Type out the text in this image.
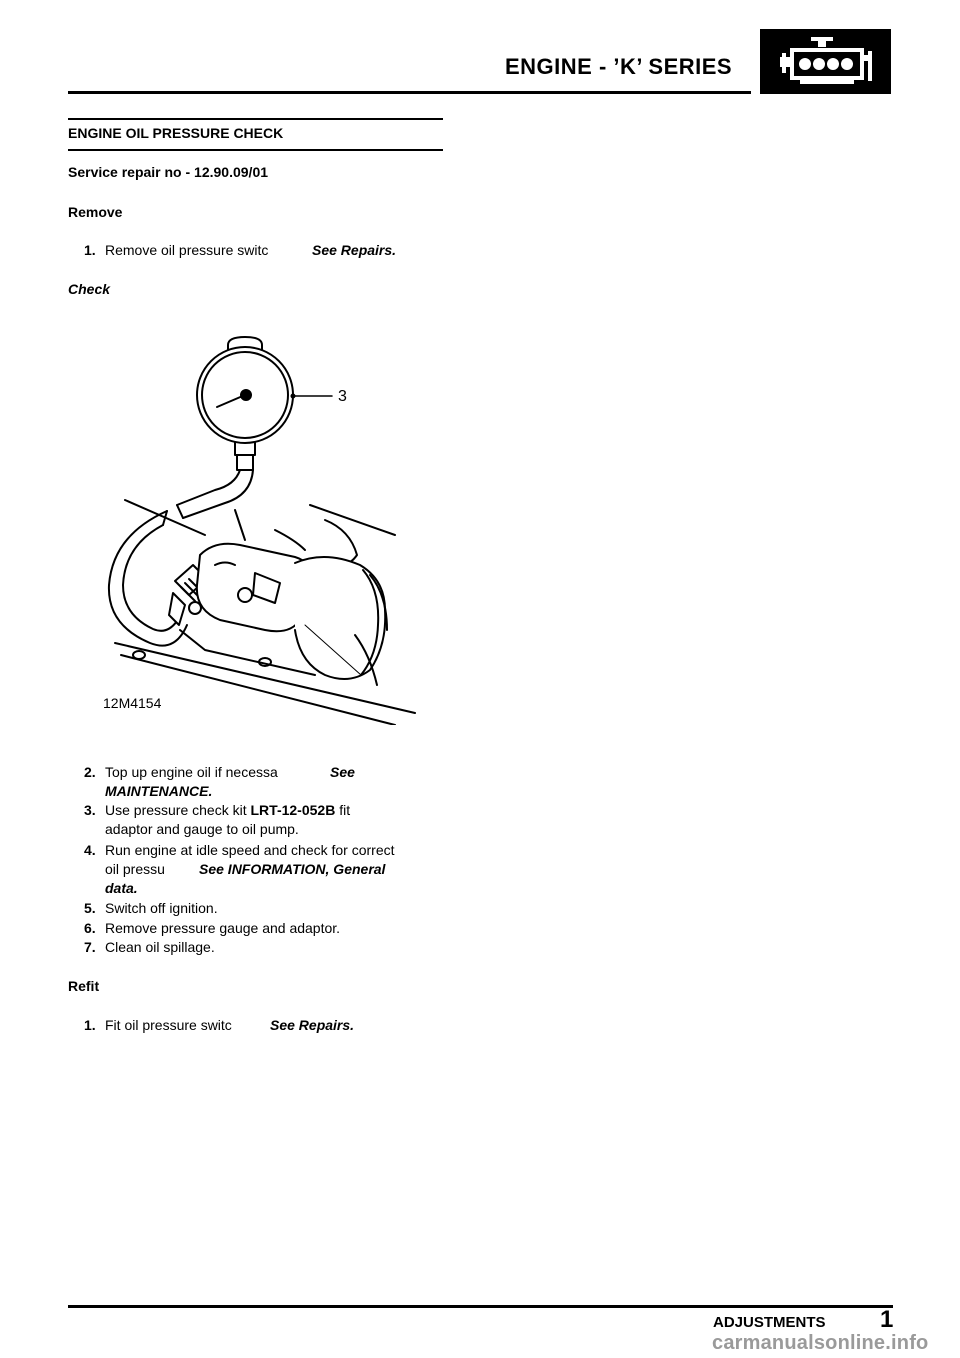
ENGINE - ’K’ SERIES
ENGINE OIL PRESSURE CHECK
Service repair no - 12.90.09/01
Remove
1. Remove oil pressure switc	See Repairs.
Check
3
12M4154
2. Top up engine oil if necessa	See
MAINTENANCE.
3. Use pressure check kit LRT-12-052B fit
adaptor and gauge to oil pump.
4. Run engine at idle speed and check for correct
oil pressu See INFORMATION, General
data.
5. Switch off ignition.
6. Remove pressure gauge and adaptor.
7. Clean oil spillage.
Refit
1. Fit oil pressure switc	See Repairs.
ADJUSTMENTS 1
carmanualsonline.info
